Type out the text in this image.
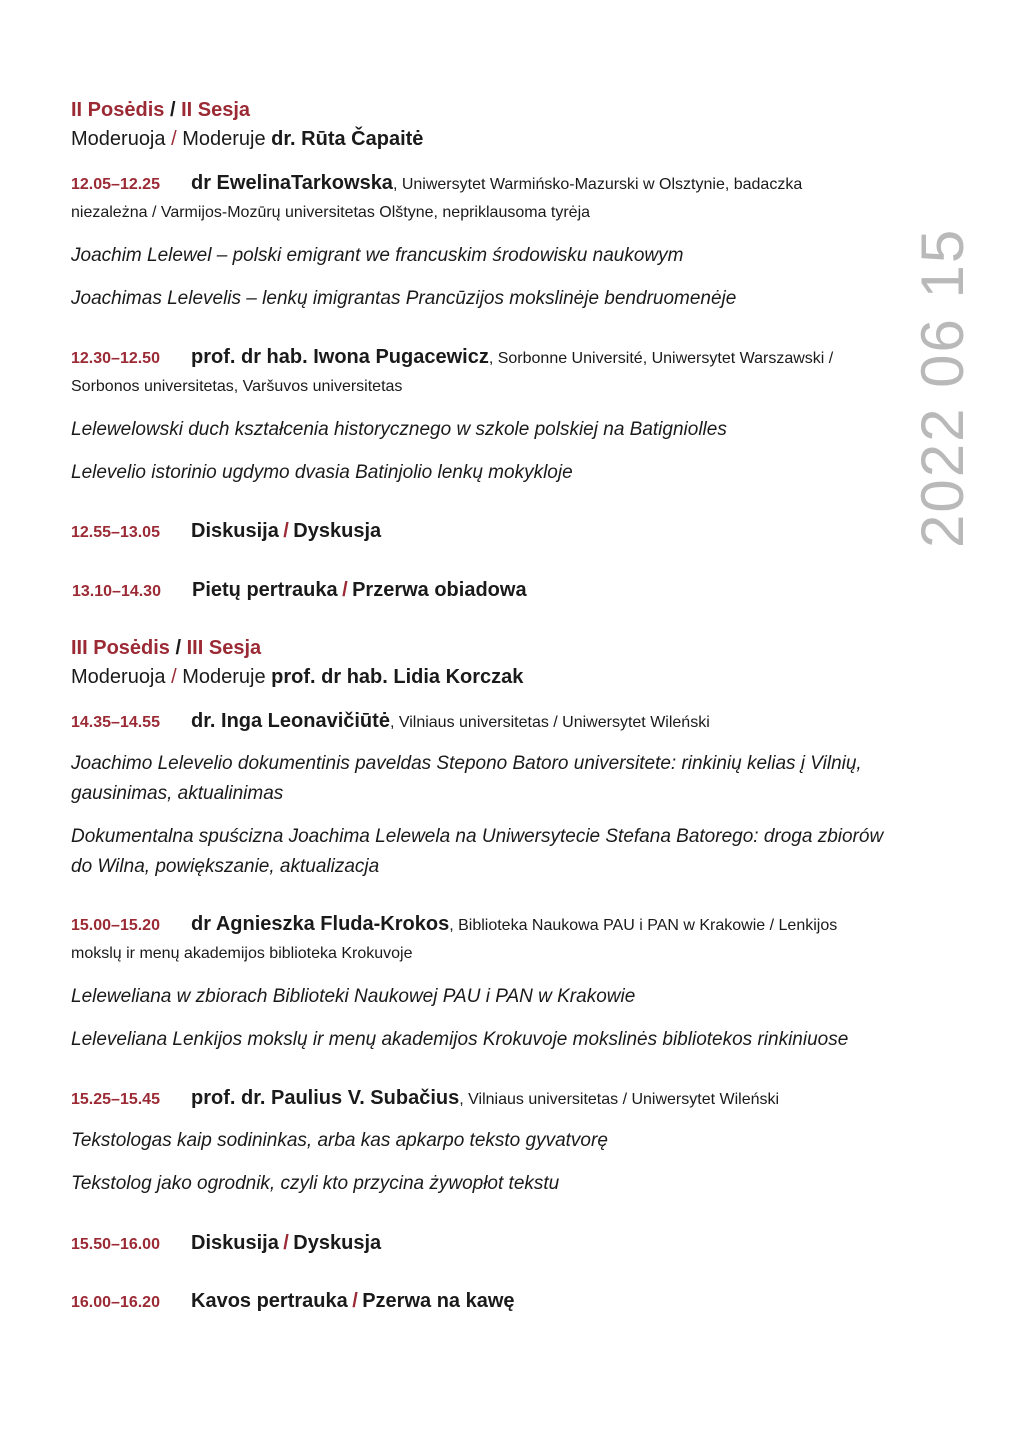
2022 06 15
II Posėdis / II Sesja
Moderuoja / Moderuje dr. Rūta Čapaitė
12.05–12.25 dr EwelinaTarkowska, Uniwersytet Warmińsko-Mazurski w Olsztynie, badaczka
niezależna / Varmijos-Mozūrų universitetas Olštyne, nepriklausoma tyrėja
Joachim Lelewel – polski emigrant we francuskim środowisku naukowym
Joachimas Lelevelis – lenkų imigrantas Prancūzijos mokslinėje bendruomenėje
12.30–12.50 prof. dr hab. Iwona Pugacewicz, Sorbonne Université, Uniwersytet Warszawski /
Sorbonos universitetas, Varšuvos universitetas
Lelewelowski duch kształcenia historycznego w szkole polskiej na Batigniolles
Lelevelio istorinio ugdymo dvasia Batinjolio lenkų mokykloje
12.55–13.05 Diskusija / Dyskusja
13.10–14.30 Pietų pertrauka / Przerwa obiadowa
III Posėdis / III Sesja
Moderuoja / Moderuje prof. dr hab. Lidia Korczak
14.35–14.55 dr. Inga Leonavičiūtė, Vilniaus universitetas / Uniwersytet Wileński
Joachimo Lelevelio dokumentinis paveldas Stepono Batoro universitete: rinkinių kelias į Vilnių,
gausinimas, aktualinimas
Dokumentalna spuścizna Joachima Lelewela na Uniwersytecie Stefana Batorego: droga zbiorów
do Wilna, powiększanie, aktualizacja
15.00–15.20 dr Agnieszka Fluda-Krokos, Biblioteka Naukowa PAU i PAN w Krakowie / Lenkijos
mokslų ir menų akademijos biblioteka Krokuvoje
Leleweliana w zbiorach Biblioteki Naukowej PAU i PAN w Krakowie
Leleveliana Lenkijos mokslų ir menų akademijos Krokuvoje mokslinės bibliotekos rinkiniuose
15.25–15.45 prof. dr. Paulius V. Subačius, Vilniaus universitetas / Uniwersytet Wileński
Tekstologas kaip sodininkas, arba kas apkarpo teksto gyvatvorę
Tekstolog jako ogrodnik, czyli kto przycina żywopłot tekstu
15.50–16.00 Diskusija / Dyskusja
16.00–16.20 Kavos pertrauka / Pzerwa na kawę
